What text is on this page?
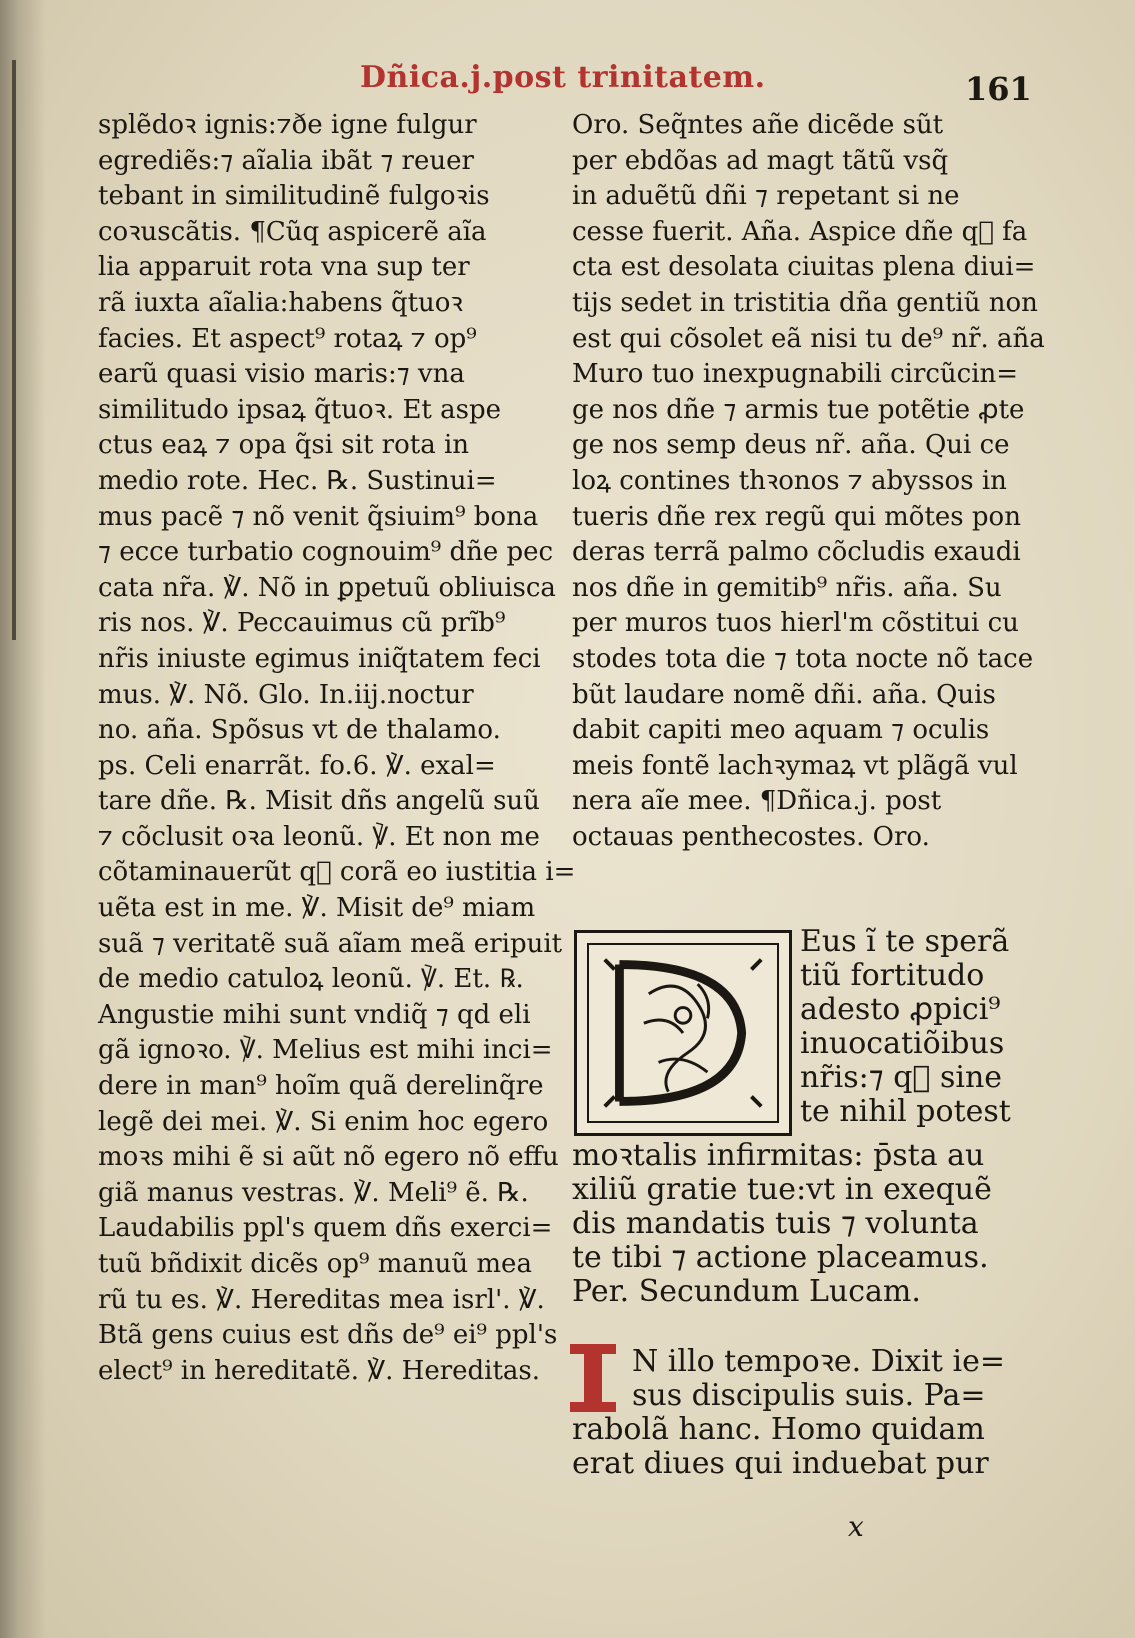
Dñica.j.post trinitatem.	161
splẽdoꝛ ignis:⁊ðe igne fulgur
egrediẽs:⁊ aĩalia ibãt ⁊ reuer
tebant in similitudinẽ fulgoꝛis
coꝛuscãtis. ¶Cũq aspicerẽ aĩa
lia apparuit rota vna sup ter
rã iuxta aĩalia:habens q̃tuoꝛ
facies. Et aspect⁹ rotaꝝ ⁊ op⁹
earũ quasi visio maris:⁊ vna
similitudo ipsaꝝ q̃tuoꝛ. Et aspe
ctus eaꝝ ⁊ opa q̃si sit rota in
medio rote. Hec. ℞. Sustinui=
mus pacẽ ⁊ nõ venit q̃siuim⁹ bona
⁊ ecce turbatio cognouim⁹ dñe pec
cata nr̃a. ℣. Nõ in ꝑpetuũ obliuisca
ris nos. ℣. Peccauimus cũ prĩb⁹
nr̃is iniuste egimus iniq̃tatem feci
mus. ℣. Nõ. Glo. In.iij.noctur
no. aña. Spõsus vt de thalamo.
ps. Celi enarrãt. fo.6. ℣. exal=
tare dñe. ℞. Misit dñs angelũ suũ
⁊ cõclusit oꝛa leonũ. ℣. Et non me
cõtaminauerũt q᷑ corã eo iustitia i=
uẽta est in me. ℣. Misit de⁹ miam
suã ⁊ veritatẽ suã aĩam meã eripuit
de medio catuloꝝ leonũ. ℣. Et. ℞.
Angustie mihi sunt vndiq̃ ⁊ qd eli
gã ignoꝛo. ℣. Melius est mihi inci=
dere in man⁹ hoĩm quã derelinq̃re
legẽ dei mei. ℣. Si enim hoc egero
moꝛs mihi ẽ si aũt nõ egero nõ effu
giã manus vestras. ℣. Meli⁹ ẽ. ℞.
Laudabilis ppl's quem dñs exerci=
tuũ bñdixit dicẽs op⁹ manuũ mea
rũ tu es. ℣. Hereditas mea isrl'. ℣.
Btã gens cuius est dñs de⁹ ei⁹ ppl's
elect⁹ in hereditatẽ. ℣. Hereditas.
Oro. Seq̃ntes añe dicẽde sũt
per ebdõas ad magt tãtũ vsq̃
in aduẽtũ dñi ⁊ repetant si ne
cesse fuerit. Aña. Aspice dñe q᷑ fa
cta est desolata ciuitas plena diui=
tijs sedet in tristitia dña gentiũ non
est qui cõsolet eã nisi tu de⁹ nr̃. aña
Muro tuo inexpugnabili circũcin=
ge nos dñe ⁊ armis tue potẽtie ꝓte
ge nos semp deus nr̃. aña. Qui ce
loꝝ contines thꝛonos ⁊ abyssos in
tueris dñe rex regũ qui mõtes pon
deras terrã palmo cõcludis exaudi
nos dñe in gemitib⁹ nr̃is. aña. Su
per muros tuos hierl'm cõstitui cu
stodes tota die ⁊ tota nocte nõ tace
bũt laudare nomẽ dñi. aña. Quis
dabit capiti meo aquam ⁊ oculis
meis fontẽ lachꝛymaꝝ vt plãgã vul
nera aĩe mee. ¶Dñica.j. post
octauas penthecostes. Oro.
Eus ĩ te sperã
tiũ fortitudo
adesto ꝓpici⁹
inuocatiõibus
nr̃is:⁊ q᷑ sine
te nihil potest
moꝛtalis infirmitas: p̄sta au
xiliũ gratie tue:vt in exequẽ
dis mandatis tuis ⁊ volunta
te tibi ⁊ actione placeamus.
Per. Secundum Lucam.
N illo tempoꝛe. Dixit ie=
sus discipulis suis. Pa=
rabolã hanc. Homo quidam
erat diues qui induebat pur
x
